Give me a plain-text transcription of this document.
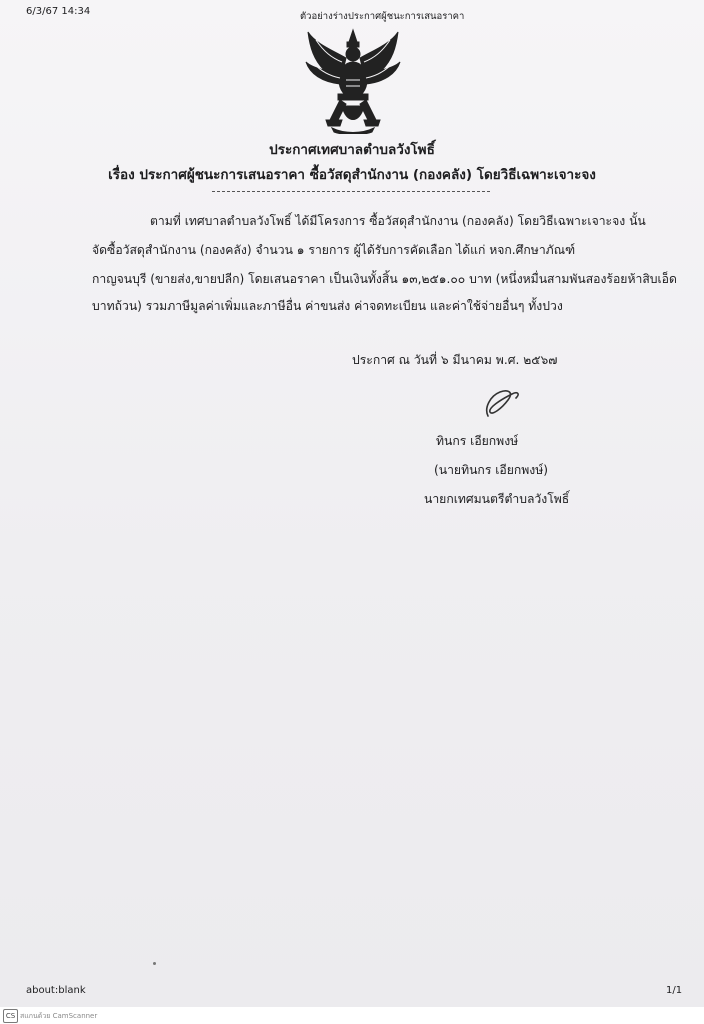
6/3/67 14:34	ตัวอย่างร่างประกาศผู้ชนะการเสนอราคา
ประกาศเทศบาลตำบลวังโพธิ์
เรื่อง ประกาศผู้ชนะการเสนอราคา ซื้อวัสดุสำนักงาน (กองคลัง) โดยวิธีเฉพาะเจาะจง
ตามที่ เทศบาลตำบลวังโพธิ์ ได้มีโครงการ ซื้อวัสดุสำนักงาน (กองคลัง) โดยวิธีเฉพาะเจาะจง นั้น
จัดซื้อวัสดุสำนักงาน (กองคลัง) จำนวน ๑ รายการ ผู้ได้รับการคัดเลือก ได้แก่ หจก.ศึกษาภัณฑ์
กาญจนบุรี (ขายส่ง,ขายปลีก) โดยเสนอราคา เป็นเงินทั้งสิ้น ๑๓,๒๕๑.๐๐ บาท (หนึ่งหมื่นสามพันสองร้อยห้าสิบเอ็ด
บาทถ้วน) รวมภาษีมูลค่าเพิ่มและภาษีอื่น ค่าขนส่ง ค่าจดทะเบียน และค่าใช้จ่ายอื่นๆ ทั้งปวง
ประกาศ ณ วันที่ ๖ มีนาคม พ.ศ. ๒๕๖๗
ทินกร เอียกพงษ์
(นายทินกร เอียกพงษ์)
นายกเทศมนตรีตำบลวังโพธิ์
about:blank	1/1
CS สแกนด้วย CamScanner
